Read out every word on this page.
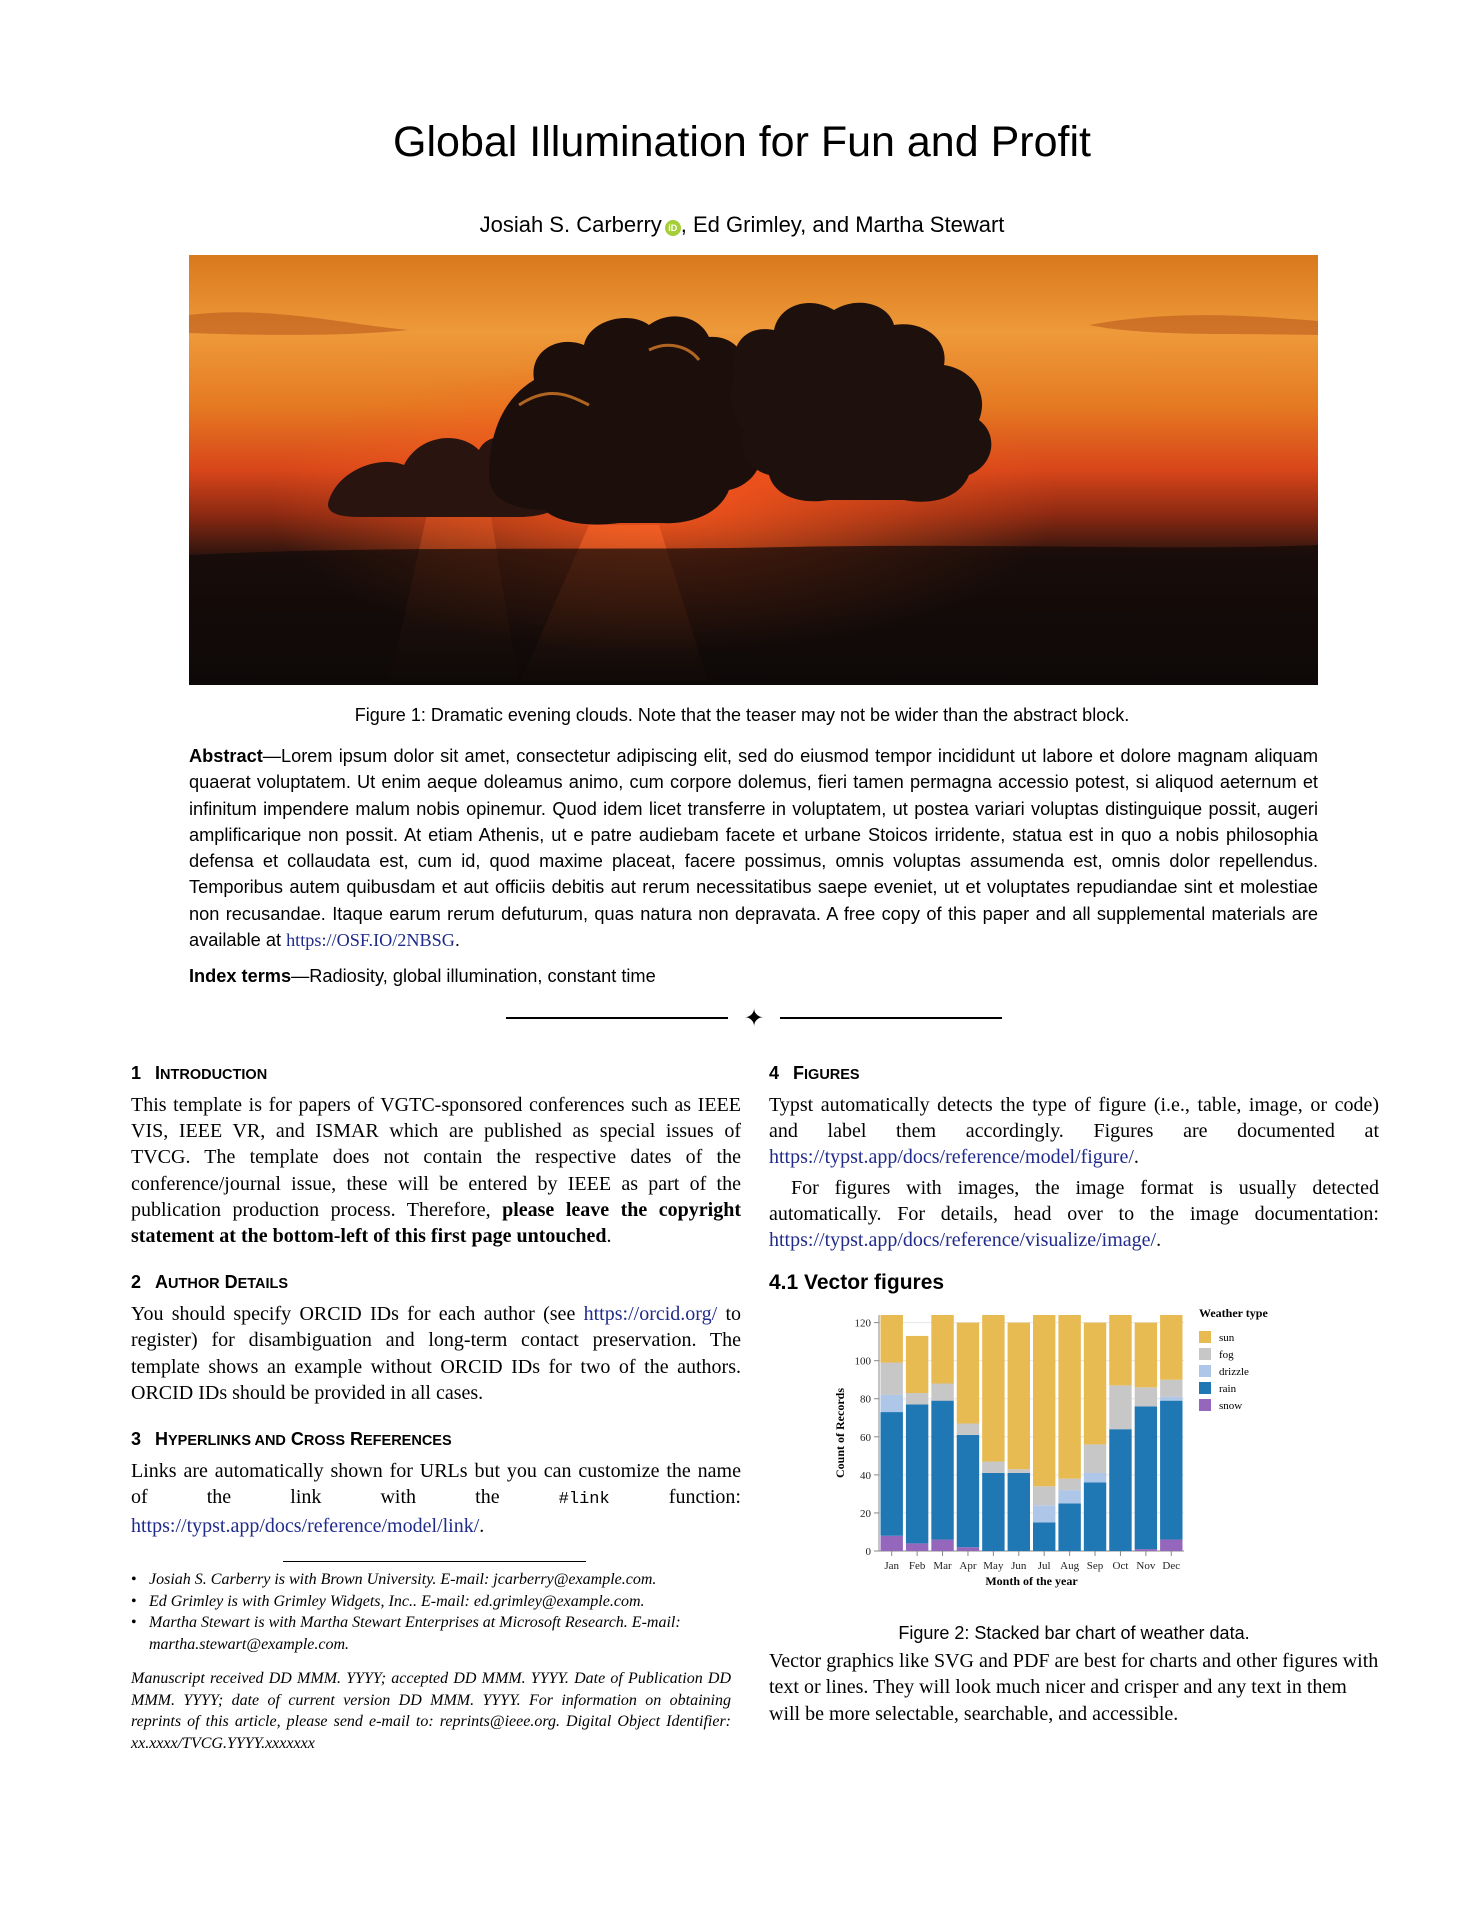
Global Illumination for Fun and Profit
Josiah S. Carberry iD , Ed Grimley, and Martha Stewart
Figure 1: Dramatic evening clouds. Note that the teaser may not be wider than the abstract block.
Abstract—Lorem ipsum dolor sit amet, consectetur adipiscing elit, sed do eiusmod tempor incididunt ut labore et dolore magnam aliquam quaerat voluptatem. Ut enim aeque doleamus animo, cum corpore dolemus, fieri tamen permagna accessio potest, si aliquod aeternum et infinitum impendere malum nobis opinemur. Quod idem licet transferre in voluptatem, ut postea variari voluptas distinguique possit, augeri amplificarique non possit. At etiam Athenis, ut e patre audiebam facete et urbane Stoicos irridente, statua est in quo a nobis philosophia defensa et collaudata est, cum id, quod maxime placeat, facere possimus, omnis voluptas assumenda est, omnis dolor repellendus. Temporibus autem quibusdam et aut officiis debitis aut rerum necessitatibus saepe eveniet, ut et voluptates repudiandae sint et molestiae non recusandae. Itaque earum rerum defuturum, quas natura non depravata. A free copy of this paper and all supplemental materials are available at https://OSF.IO/2NBSG.
Index terms—Radiosity, global illumination, constant time
✦
1 INTRODUCTION

This template is for papers of VGTC-sponsored conferences such as IEEE VIS, IEEE VR, and ISMAR which are published as special issues of TVCG. The template does not contain the respective dates of the conference/journal issue, these will be entered by IEEE as part of the publication production process. Therefore, please leave the copyright statement at the bottom-left of this first page untouched.

2 AUTHOR DETAILS

You should specify ORCID IDs for each author (see https://orcid.org/ to register) for disambiguation and long-term contact preservation. The template shows an example without ORCID IDs for two of the authors. ORCID IDs should be provided in all cases.

3 HYPERLINKS AND CROSS REFERENCES

Links are automatically shown for URLs but you can customize the name of the link with the #link function: https://typst.app/docs/reference/model/link/.

• Josiah S. Carberry is with Brown University. E-mail: jcarberry@example.com.
• Ed Grimley is with Grimley Widgets, Inc.. E-mail: ed.grimley@example.com.
• Martha Stewart is with Martha Stewart Enterprises at Microsoft Research. E-mail: martha.stewart@example.com.
Manuscript received DD MMM. YYYY; accepted DD MMM. YYYY. Date of Publication DD MMM. YYYY; date of current version DD MMM. YYYY. For information on obtaining reprints of this article, please send e-mail to: reprints@ieee.org. Digital Object Identifier: xx.xxxx/TVCG.YYYY.xxxxxxx
4 FIGURES

Typst automatically detects the type of figure (i.e., table, image, or code) and label them accordingly. Figures are documented at https://typst.app/docs/reference/model/figure/.

For figures with images, the image format is usually detected automatically. For details, head over to the image documentation: https://typst.app/docs/reference/visualize/image/.

4.1 Vector figures
0
20
40
60
80
100
120
Jan Feb Mar Apr May Jun Jul Aug Sep Oct Nov Dec
Month of the year
Count of Records
Weather type
sun
fog
drizzle
rain
snow
Figure 2: Stacked bar chart of weather data.

Vector graphics like SVG and PDF are best for charts and other figures with text or lines. They will look much nicer and crisper and any text in them will be more selectable, searchable, and accessible.
